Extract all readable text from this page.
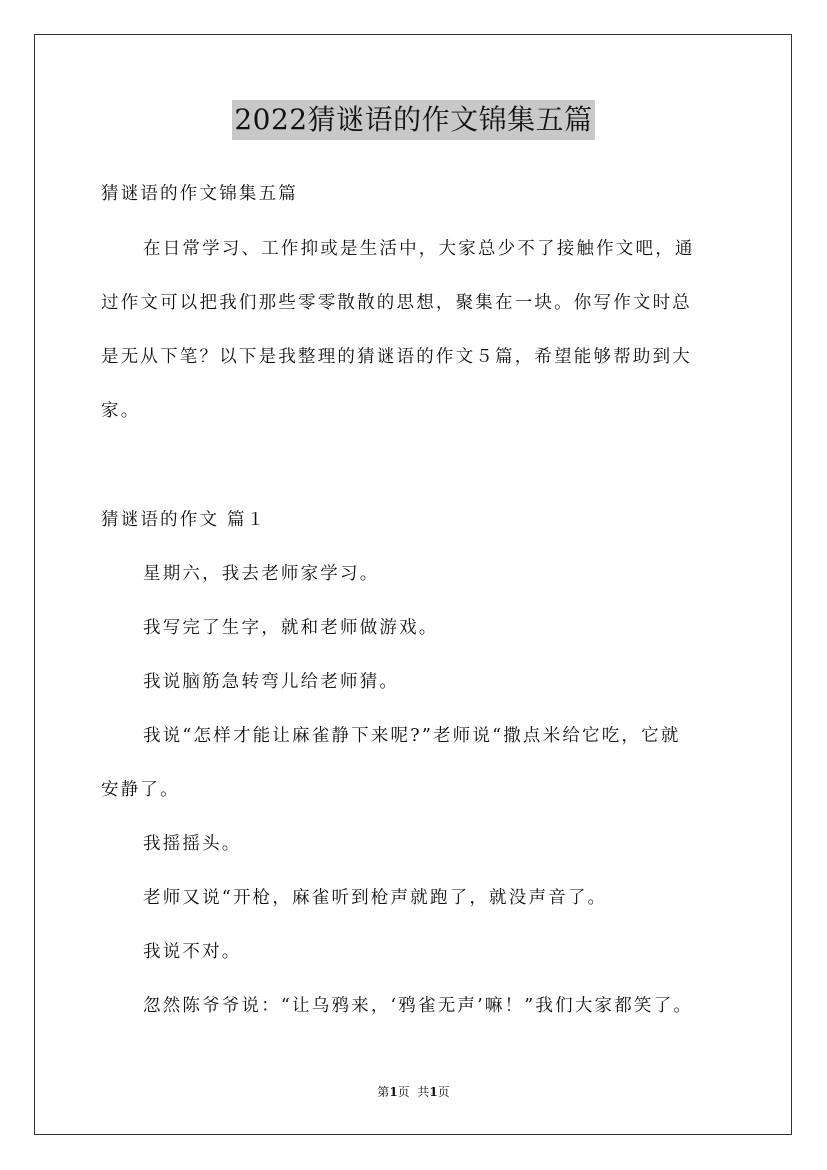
2022猜谜语的作文锦集五篇
猜谜语的作文锦集五篇
在日常学习、工作抑或是生活中，大家总少不了接触作文吧，通
过作文可以把我们那些零零散散的思想，聚集在一块。你写作文时总
是无从下笔？以下是我整理的猜谜语的作文５篇，希望能够帮助到大
家。
猜谜语的作文 篇１
星期六，我去老师家学习。
我写完了生字，就和老师做游戏。
我说脑筋急转弯儿给老师猜。
我说“怎样才能让麻雀静下来呢?”老师说“撒点米给它吃，它就
安静了。
我摇摇头。
老师又说“开枪，麻雀听到枪声就跑了，就没声音了。
我说不对。
忽然陈爷爷说：“让乌鸦来，‘鸦雀无声’嘛！”我们大家都笑了。
第1页  共1页
